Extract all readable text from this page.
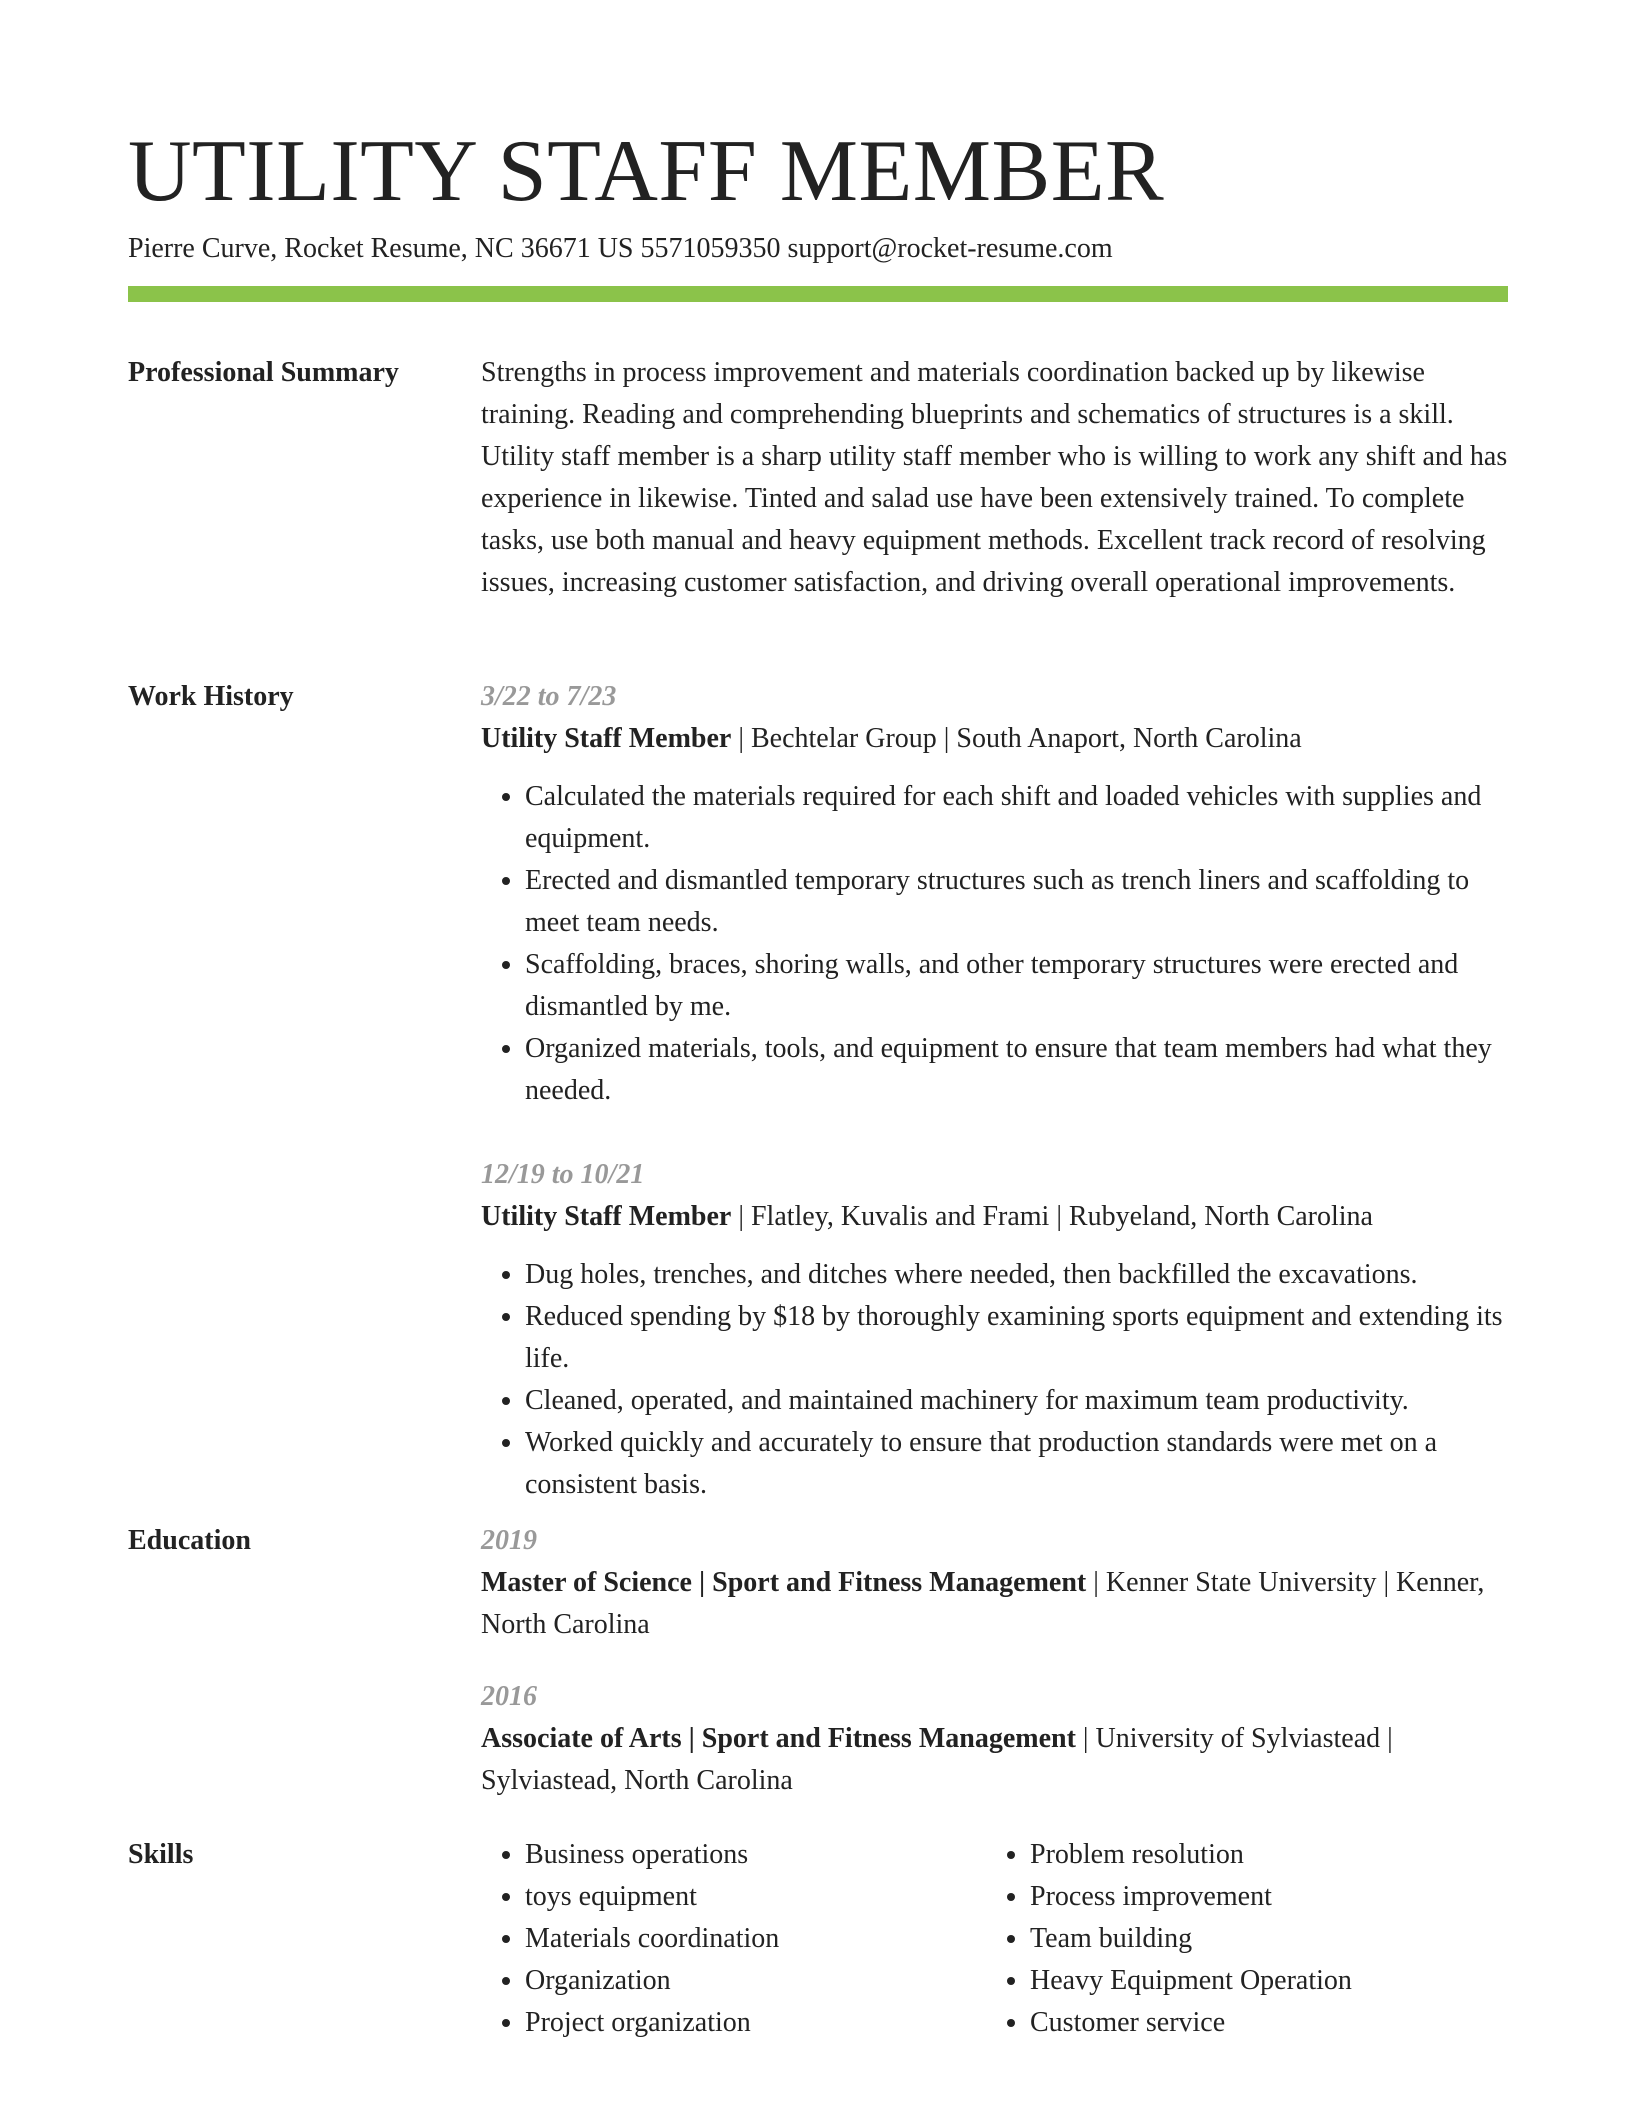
UTILITY STAFF MEMBER
Pierre Curve, Rocket Resume, NC 36671 US 5571059350 support@rocket-resume.com
Professional Summary	Strengths in process improvement and materials coordination backed up by likewise training. Reading and comprehending blueprints and schematics of structures is a skill. Utility staff member is a sharp utility staff member who is willing to work any shift and has experience in likewise. Tinted and salad use have been extensively trained. To complete tasks, use both manual and heavy equipment methods. Excellent track record of resolving issues, increasing customer satisfaction, and driving overall operational improvements.

Work History	3/22 to 7/23
Utility Staff Member | Bechtelar Group | South Anaport, North Carolina
• Calculated the materials required for each shift and loaded vehicles with supplies and equipment.
• Erected and dismantled temporary structures such as trench liners and scaffolding to meet team needs.
• Scaffolding, braces, shoring walls, and other temporary structures were erected and dismantled by me.
• Organized materials, tools, and equipment to ensure that team members had what they needed.
12/19 to 10/21
Utility Staff Member | Flatley, Kuvalis and Frami | Rubyeland, North Carolina
• Dug holes, trenches, and ditches where needed, then backfilled the excavations.
• Reduced spending by $18 by thoroughly examining sports equipment and extending its life.
• Cleaned, operated, and maintained machinery for maximum team productivity.
• Worked quickly and accurately to ensure that production standards were met on a consistent basis.
Education	2019
Master of Science | Sport and Fitness Management | Kenner State University | Kenner, North Carolina
2016
Associate of Arts | Sport and Fitness Management | University of Sylviastead | Sylviastead, North Carolina
Skills
•	Business operations
• toys equipment
• Materials coordination
• Organization
• Project organization
• Problem resolution
• Process improvement
• Team building
• Heavy Equipment Operation
• Customer service
